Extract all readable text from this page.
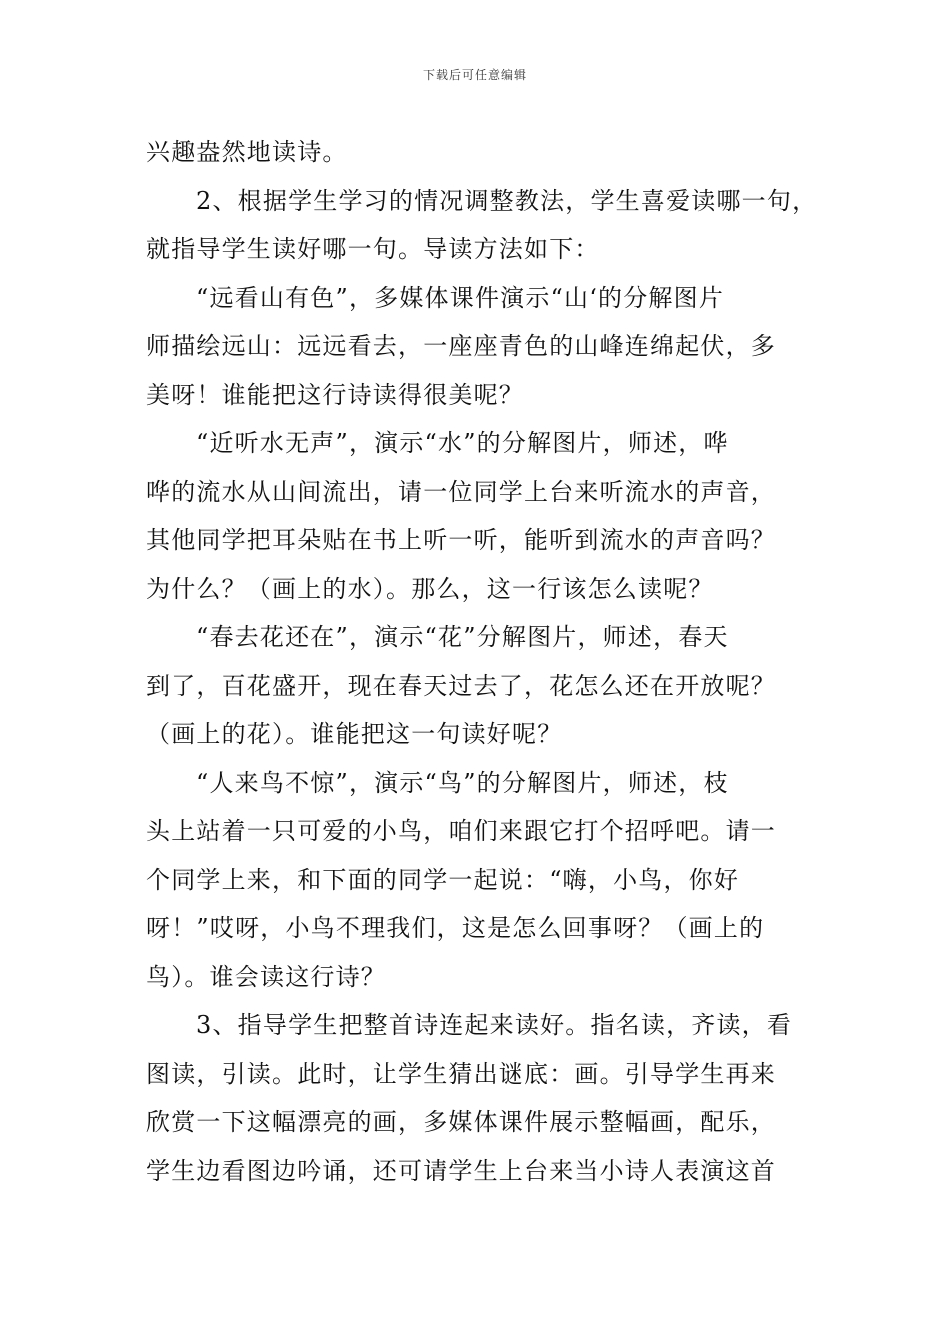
下载后可任意编辑
兴趣盎然地读诗。
2、根据学生学习的情况调整教法，学生喜爱读哪一句，
就指导学生读好哪一句。导读方法如下：
“远看山有色”，多媒体课件演示“山‘的分解图片
师描绘远山：远远看去，一座座青色的山峰连绵起伏，多
美呀！谁能把这行诗读得很美呢？
“近听水无声”，演示“水”的分解图片，师述，哗
哗的流水从山间流出，请一位同学上台来听流水的声音，
其他同学把耳朵贴在书上听一听，能听到流水的声音吗？
为什么？（画上的水）。那么，这一行该怎么读呢？
“春去花还在”，演示“花”分解图片，师述，春天
到了，百花盛开，现在春天过去了，花怎么还在开放呢？
（画上的花）。谁能把这一句读好呢？
“人来鸟不惊”，演示“鸟”的分解图片，师述，枝
头上站着一只可爱的小鸟，咱们来跟它打个招呼吧。请一
个同学上来，和下面的同学一起说：“嗨，小鸟，你好
呀！”哎呀，小鸟不理我们，这是怎么回事呀？（画上的
鸟）。谁会读这行诗？
3、指导学生把整首诗连起来读好。指名读，齐读，看
图读，引读。此时，让学生猜出谜底：画。引导学生再来
欣赏一下这幅漂亮的画，多媒体课件展示整幅画，配乐，
学生边看图边吟诵，还可请学生上台来当小诗人表演这首
